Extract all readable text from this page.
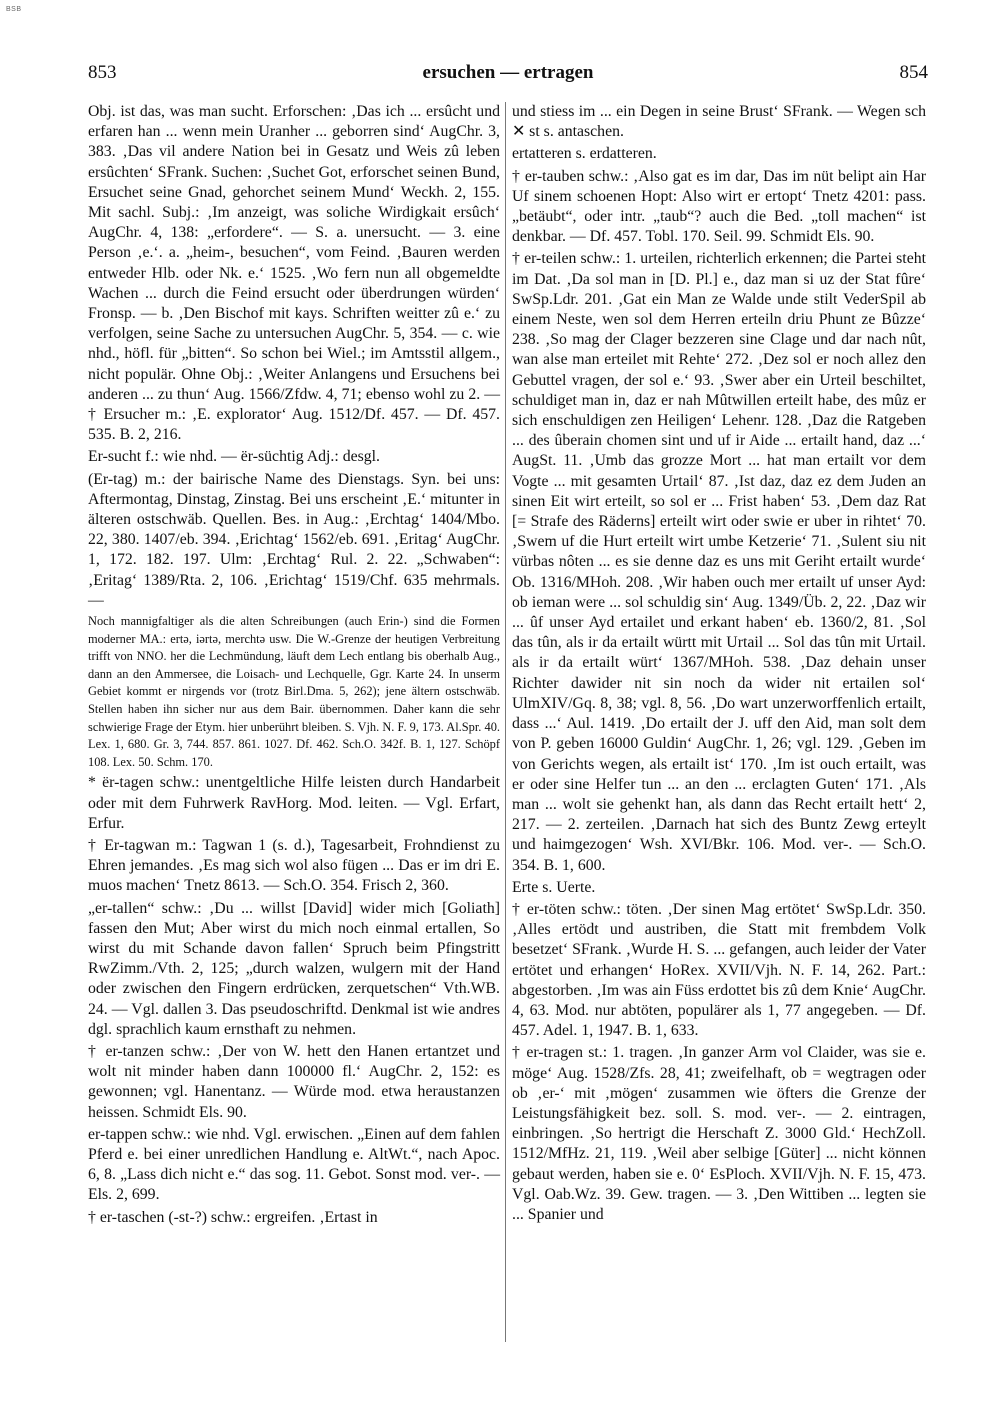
BSB
853	ersuchen — ertragen	854
Obj. ist das, was man sucht. Erforschen: ‚Das ich ... ersûcht und erfaren han ... wenn mein Uranher ... geborren sind‘ AugChr. 3, 383. ‚Das vil andere Nation bei in Gesatz und Weis zû leben ersûchten‘ SFrank. Suchen: ‚Suchet Got, erforschet seinen Bund, Ersuchet seine Gnad, gehorchet seinem Mund‘ Weckh. 2, 155. Mit sachl. Subj.: ‚Im anzeigt, was soliche Wirdigkait ersûch‘ AugChr. 4, 138: „erfordere“. — S. a. unersucht. — 3. eine Person ‚e.‘. a. „heim-, besuchen“, vom Feind. ‚Bauren werden entweder Hlb. oder Nk. e.‘ 1525. ‚Wo fern nun all obgemeldte Wachen ... durch die Feind ersucht oder überdrungen würden‘ Fronsp. — b. ‚Den Bischof mit kays. Schriften weitter zû e.‘ zu verfolgen, seine Sache zu untersuchen AugChr. 5, 354. — c. wie nhd., höfl. für „bitten“. So schon bei Wiel.; im Amtsstil allgem., nicht populär. Ohne Obj.: ‚Weiter Anlangens und Ersuchens bei anderen ... zu thun‘ Aug. 1566/Zfdw. 4, 71; ebenso wohl zu 2. — † Ersucher m.: ‚E. explorator‘ Aug. 1512/Df. 457. — Df. 457. 535. B. 2, 216.
Er-sucht f.: wie nhd. — ër-süchtig Adj.: desgl.
(Er-tag) m.: der bairische Name des Dienstags. Syn. bei uns: Aftermontag, Dinstag, Zinstag. Bei uns erscheint ‚E.‘ mitunter in älteren ostschwäb. Quellen. Bes. in Aug.: ‚Erchtag‘ 1404/Mbo. 22, 380. 1407/eb. 394. ‚Erichtag‘ 1562/eb. 691. ‚Eritag‘ AugChr. 1, 172. 182. 197. Ulm: ‚Erchtag‘ Rul. 2. 22. „Schwaben“: ‚Eritag‘ 1389/Rta. 2, 106. ‚Erichtag‘ 1519/Chf. 635 mehrmals. —
Noch mannigfaltiger als die alten Schreibungen (auch Erin-) sind die Formen moderner MA.: ertə, iərtə, merchtə usw. Die W.-Grenze der heutigen Verbreitung trifft von NNO. her die Lechmündung, läuft dem Lech entlang bis oberhalb Aug., dann an den Ammersee, die Loisach- und Lechquelle, Ggr. Karte 24. In unserm Gebiet kommt er nirgends vor (trotz Birl.Dma. 5, 262); jene ältern ostschwäb. Stellen haben ihn sicher nur aus dem Bair. übernommen. Daher kann die sehr schwierige Frage der Etym. hier unberührt bleiben. S. Vjh. N. F. 9, 173. Al.Spr. 40. Lex. 1, 680. Gr. 3, 744. 857. 861. 1027. Df. 462. Sch.O. 342f. B. 1, 127. Schöpf 108. Lex. 50. Schm. 170.
* ër-tagen schw.: unentgeltliche Hilfe leisten durch Handarbeit oder mit dem Fuhrwerk RavHorg. Mod. leiten. — Vgl. Erfart, Erfur.
† Er-tagwan m.: Tagwan 1 (s. d.), Tagesarbeit, Frohndienst zu Ehren jemandes. ‚Es mag sich wol also fügen ... Das er im dri E. muos machen‘ Tnetz 8613. — Sch.O. 354. Frisch 2, 360.
„er-tallen“ schw.: ‚Du ... willst [David] wider mich [Goliath] fassen den Mut; Aber wirst du mich noch einmal ertallen, So wirst du mit Schande davon fallen‘ Spruch beim Pfingstritt RwZimm./Vth. 2, 125; „durch walzen, wulgern mit der Hand oder zwischen den Fingern erdrücken, zerquetschen“ Vth.WB. 24. — Vgl. dallen 3. Das pseudoschriftd. Denkmal ist wie andres dgl. sprachlich kaum ernsthaft zu nehmen.
† er-tanzen schw.: ‚Der von W. hett den Hanen ertantzet und wolt nit minder haben dann 100000 fl.‘ AugChr. 2, 152: es gewonnen; vgl. Hanentanz. — Würde mod. etwa heraustanzen heissen. Schmidt Els. 90.
er-tappen schw.: wie nhd. Vgl. erwischen. „Einen auf dem fahlen Pferd e. bei einer unredlichen Handlung e. AltWt.“, nach Apoc. 6, 8. „Lass dich nicht e.“ das sog. 11. Gebot. Sonst mod. ver-. — Els. 2, 699.
† er-taschen (-st-?) schw.: ergreifen. ‚Ertast in
und stiess im ... ein Degen in seine Brust‘ SFrank. — Wegen sch ✕ st s. antaschen.
ertatteren s. erdatteren.
† er-tauben schw.: ‚Also gat es im dar, Das im nüt belipt ain Har Uf sinem schoenen Hopt: Also wirt er ertopt‘ Tnetz 4201: pass. „betäubt“, oder intr. „taub“? auch die Bed. „toll machen“ ist denkbar. — Df. 457. Tobl. 170. Seil. 99. Schmidt Els. 90.
† er-teilen schw.: 1. urteilen, richterlich erkennen; die Partei steht im Dat. ‚Da sol man in [D. Pl.] e., daz man si uz der Stat fûre‘ SwSp.Ldr. 201. ‚Gat ein Man ze Walde unde stilt VederSpil ab einem Neste, wen sol dem Herren erteiln driu Phunt ze Bûzze‘ 238. ‚So mag der Clager bezzeren sine Clage und dar nach nût, wan alse man erteilet mit Rehte‘ 272. ‚Dez sol er noch allez den Gebuttel vragen, der sol e.‘ 93. ‚Swer aber ein Urteil beschiltet, schuldiget man in, daz er nah Mûtwillen erteilt habe, des mûz er sich enschuldigen zen Heiligen‘ Lehenr. 128. ‚Daz die Ratgeben ... des ûberain chomen sint und uf ir Aide ... ertailt hand, daz ...‘ AugSt. 11. ‚Umb das grozze Mort ... hat man ertailt vor dem Vogte ... mit gesamten Urtail‘ 87. ‚Ist daz, daz ez dem Juden an sinen Eit wirt erteilt, so sol er ... Frist haben‘ 53. ‚Dem daz Rat [= Strafe des Räderns] erteilt wirt oder swie er uber in rihtet‘ 70. ‚Swem uf die Hurt erteilt wirt umbe Ketzerie‘ 71. ‚Sulent siu nit vürbas nôten ... es sie denne daz es uns mit Geriht ertailt wurde‘ Ob. 1316/MHoh. 208. ‚Wir haben ouch mer ertailt uf unser Ayd: ob ieman were ... sol schuldig sin‘ Aug. 1349/Üb. 2, 22. ‚Daz wir ... ûf unser Ayd ertailet und erkant haben‘ eb. 1360/2, 81. ‚Sol das tûn, als ir da ertailt württ mit Urtail ... Sol das tûn mit Urtail. als ir da ertailt würt‘ 1367/MHoh. 538. ‚Daz dehain unser Richter dawider nit sin noch da wider nit ertailen sol‘ UlmXIV/Gq. 8, 38; vgl. 8, 56. ‚Do wart unzerworffenlich ertailt, dass ...‘ Aul. 1419. ‚Do ertailt der J. uff den Aid, man solt dem von P. geben 16000 Guldin‘ AugChr. 1, 26; vgl. 129. ‚Geben im von Gerichts wegen, als ertailt ist‘ 170. ‚Im ist ouch ertailt, was er oder sine Helfer tun ... an den ... erclagten Guten‘ 171. ‚Als man ... wolt sie gehenkt han, als dann das Recht ertailt hett‘ 2, 217. — 2. zerteilen. ‚Darnach hat sich des Buntz Zewg erteylt und haimgezogen‘ Wsh. XVI/Bkr. 106. Mod. ver-. — Sch.O. 354. B. 1, 600.
Erte s. Uerte.
† er-töten schw.: töten. ‚Der sinen Mag ertötet‘ SwSp.Ldr. 350. ‚Alles ertödt und austriben, die Statt mit frembdem Volk besetzet‘ SFrank. ‚Wurde H. S. ... gefangen, auch leider der Vater ertötet und erhangen‘ HoRex. XVII/Vjh. N. F. 14, 262. Part.: abgestorben. ‚Im was ain Füss erdottet bis zû dem Knie‘ AugChr. 4, 63. Mod. nur abtöten, populärer als 1, 77 angegeben. — Df. 457. Adel. 1, 1947. B. 1, 633.
† er-tragen st.: 1. tragen. ‚In ganzer Arm vol Claider, was sie e. möge‘ Aug. 1528/Zfs. 28, 41; zweifelhaft, ob = wegtragen oder ob ‚er-‘ mit ‚mögen‘ zusammen wie öfters die Grenze der Leistungsfähigkeit bez. soll. S. mod. ver-. — 2. eintragen, einbringen. ‚So hertrigt die Herschaft Z. 3000 Gld.‘ HechZoll. 1512/MfHz. 21, 119. ‚Weil aber selbige [Güter] ... nicht können gebaut werden, haben sie e. 0‘ EsPloch. XVII/Vjh. N. F. 15, 473. Vgl. Oab.Wz. 39. Gew. tragen. — 3. ‚Den Wittiben ... legten sie ... Spanier und
